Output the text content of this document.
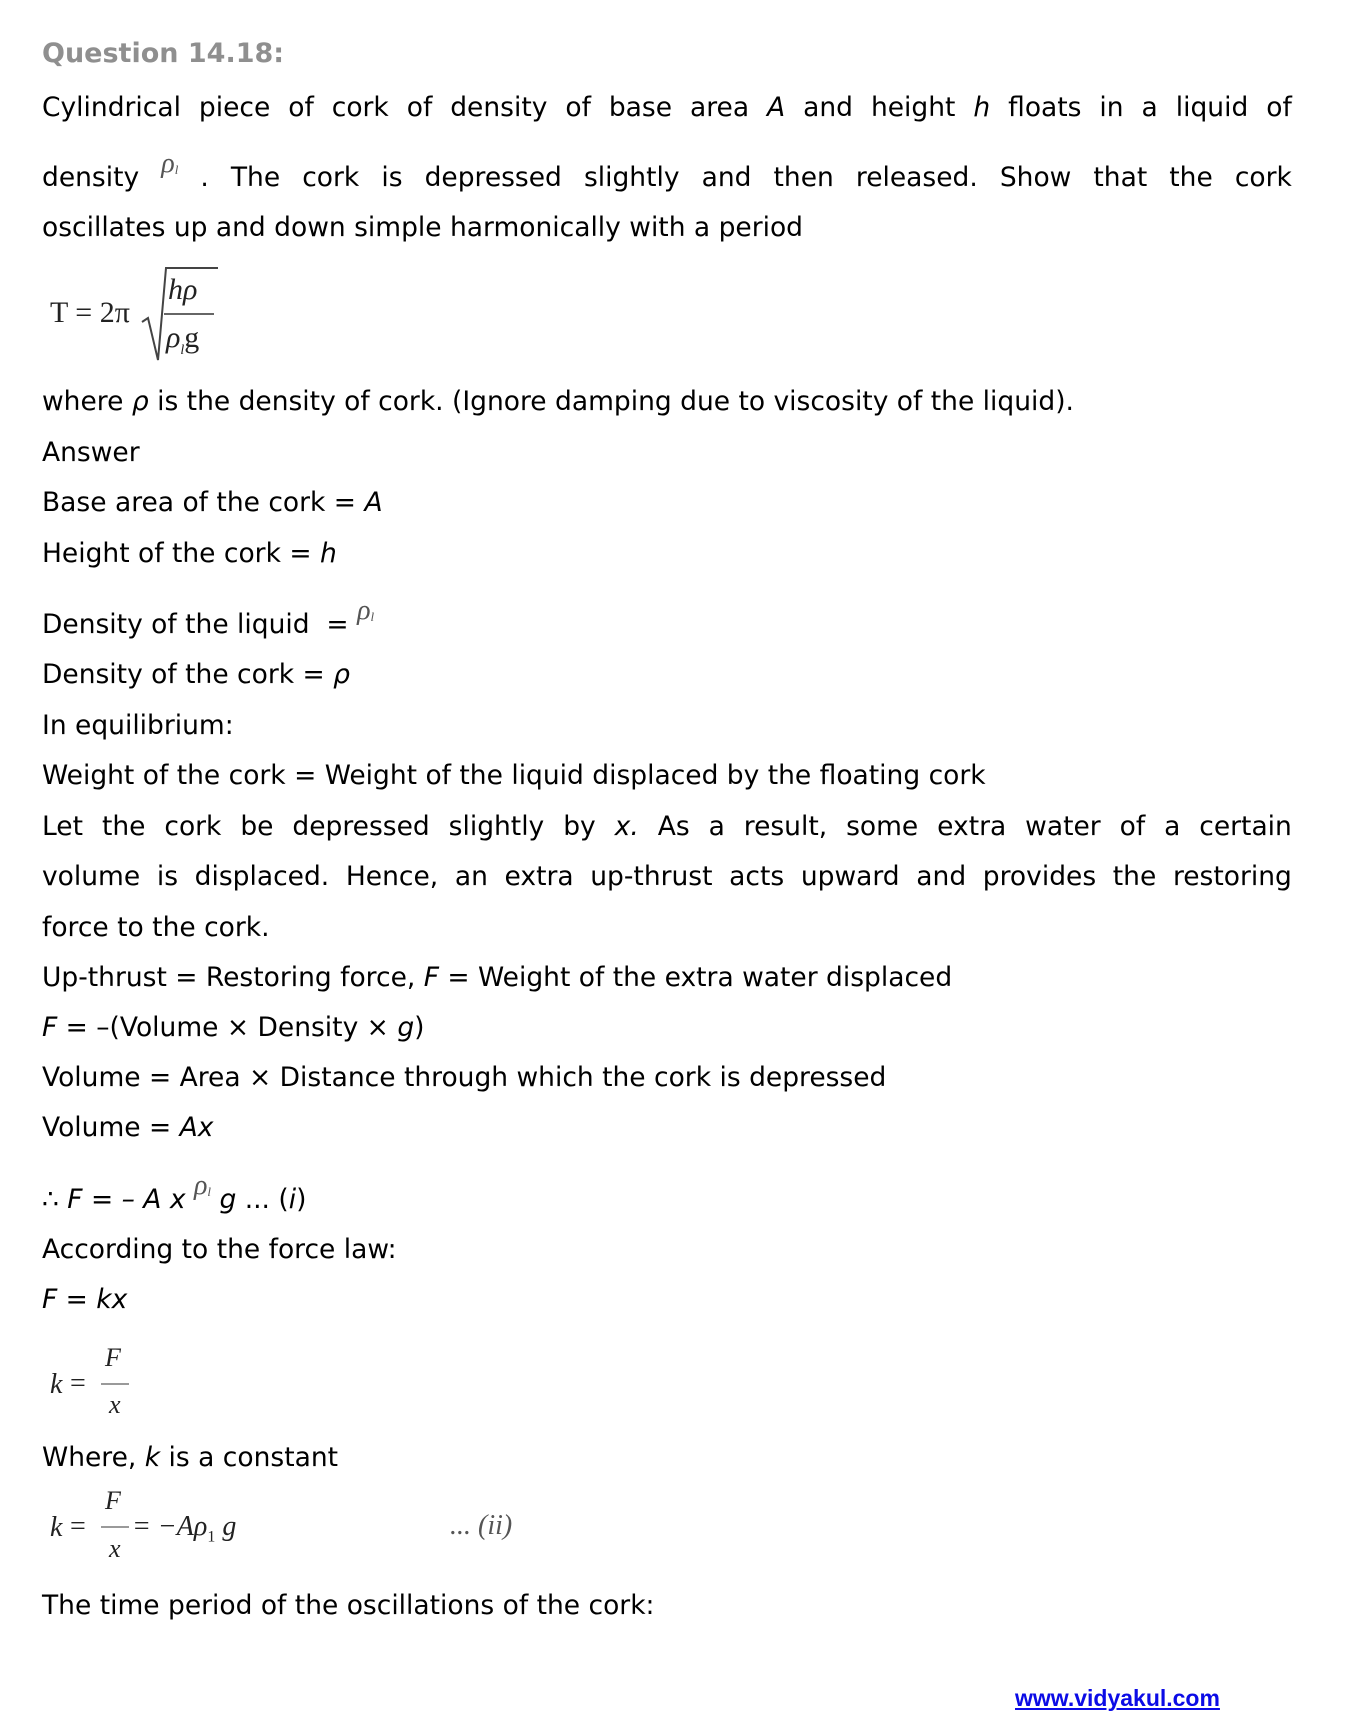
Question 14.18:
Cylindrical piece of cork of density of base area A and height h floats in a liquid of
density $\rho_l$ . The cork is depressed slightly and then released. Show that the cork
oscillates up and down simple harmonically with a period
T = 2π
hρ
$\rho_lg$
where ρ is the density of cork. (Ignore damping due to viscosity of the liquid).
Answer
Base area of the cork = A
Height of the cork = h
Density of the liquid  = $\rho_l$
Density of the cork = ρ
In equilibrium:
Weight of the cork = Weight of the liquid displaced by the floating cork
Let the cork be depressed slightly by x. As a result, some extra water of a certain
volume is displaced. Hence, an extra up-thrust acts upward and provides the restoring
force to the cork.
Up-thrust = Restoring force, F = Weight of the extra water displaced
F = –(Volume × Density × g)
Volume = Area × Distance through which the cork is depressed
Volume = Ax
∴ F = – A x $\rho_l$ g ... (i)
According to the force law:
F = kx
k =
F
x
Where, k is a constant
k =
F
x
= $-A\rho_1$ g	... (ii)
The time period of the oscillations of the cork:
www.vidyakul.com
